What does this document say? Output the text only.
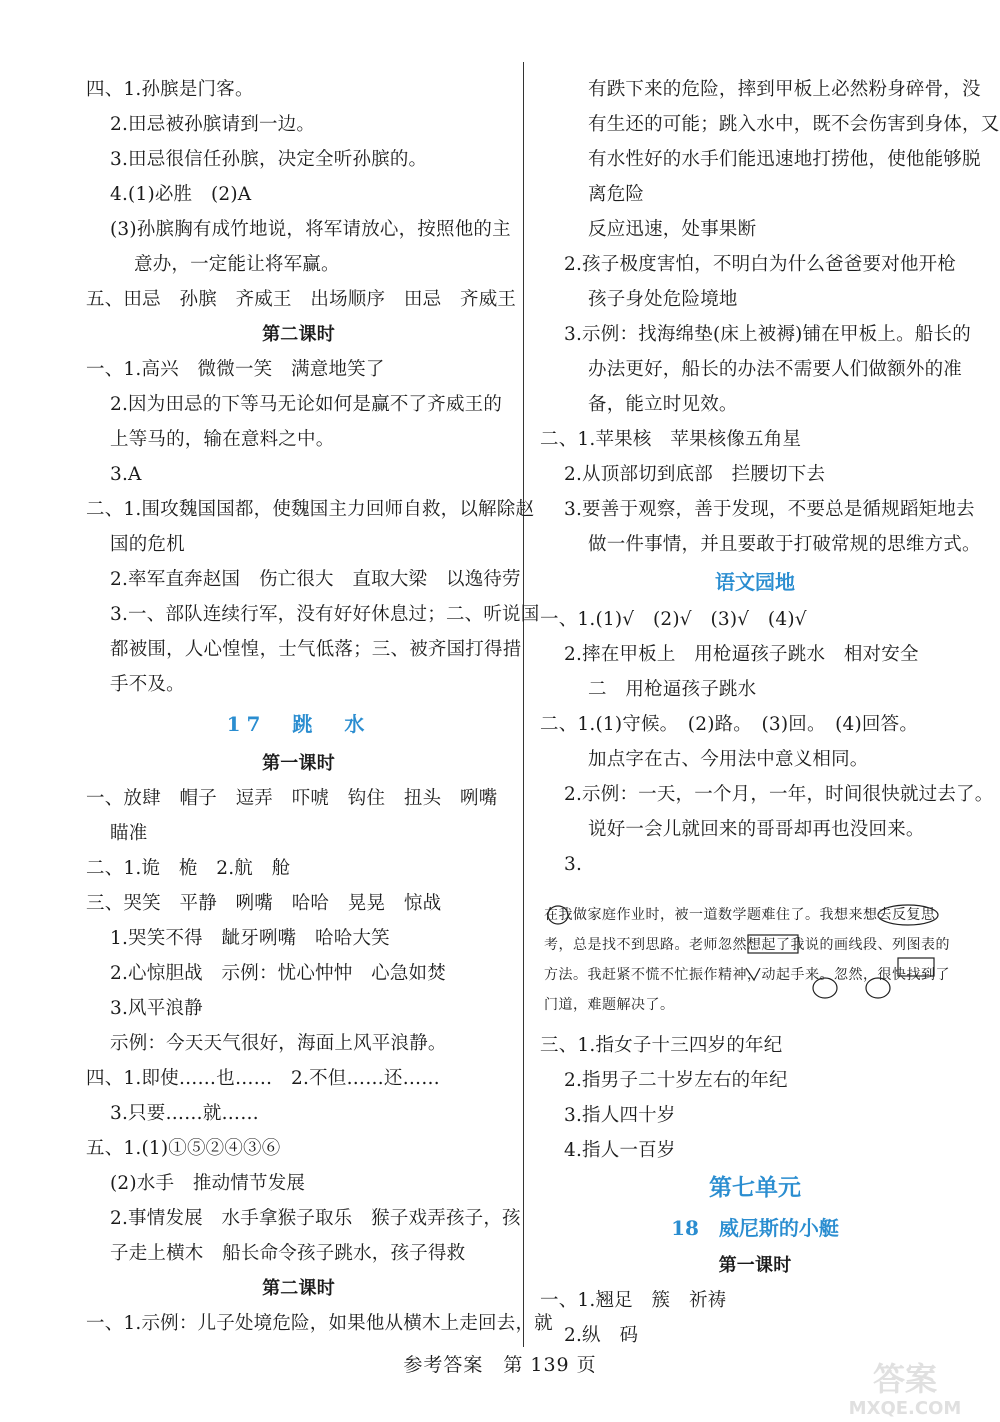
四、1.孙膑是门客。
2.田忌被孙膑请到一边。
3.田忌很信任孙膑，决定全听孙膑的。
4.(1)必胜　(2)A
(3)孙膑胸有成竹地说，将军请放心，按照他的主
意办，一定能让将军赢。
五、田忌　孙膑　齐威王　出场顺序　田忌　齐威王
第二课时
一、1.高兴　微微一笑　满意地笑了
2.因为田忌的下等马无论如何是赢不了齐威王的
上等马的，输在意料之中。
3.A
二、1.围攻魏国国都，使魏国主力回师自救，以解除赵
国的危机
2.率军直奔赵国　伤亡很大　直取大梁　以逸待劳
3.一、部队连续行军，没有好好休息过；二、听说国
都被围，人心惶惶，士气低落；三、被齐国打得措
手不及。
17　跳　水
第一课时
一、放肆　帽子　逗弄　吓唬　钩住　扭头　咧嘴
瞄准
二、1.诡　桅　2.航　舱
三、哭笑　平静　咧嘴　哈哈　晃晃　惊战
1.哭笑不得　龇牙咧嘴　哈哈大笑
2.心惊胆战　示例：忧心忡忡　心急如焚
3.风平浪静
示例：今天天气很好，海面上风平浪静。
四、1.即使……也……　2.不但……还……
3.只要……就……
五、1.(1)①⑤②④③⑥
(2)水手　推动情节发展
2.事情发展　水手拿猴子取乐　猴子戏弄孩子，孩
子走上横木　船长命令孩子跳水，孩子得救
第二课时
一、1.示例：儿子处境危险，如果他从横木上走回去，就
有跌下来的危险，摔到甲板上必然粉身碎骨，没
有生还的可能；跳入水中，既不会伤害到身体，又
有水性好的水手们能迅速地打捞他，使他能够脱
离危险
反应迅速，处事果断
2.孩子极度害怕，不明白为什么爸爸要对他开枪
孩子身处危险境地
3.示例：找海绵垫(床上被褥)铺在甲板上。船长的
办法更好，船长的办法不需要人们做额外的准
备，能立时见效。
二、1.苹果核　苹果核像五角星
2.从顶部切到底部　拦腰切下去
3.要善于观察，善于发现，不要总是循规蹈矩地去
做一件事情，并且要敢于打破常规的思维方式。
语文园地
一、1.(1)√　(2)√　(3)√　(4)√
2.摔在甲板上　用枪逼孩子跳水　相对安全
二　用枪逼孩子跳水
二、1.(1)守候。　(2)路。　(3)回。　(4)回答。
加点字在古、今用法中意义相同。
2.示例：一天，一个月，一年，时间很快就过去了。
说好一会儿就回来的哥哥却再也没回来。
3.
在我做家庭作业时，被一道数学题难住了。我想来想去反复思考，总是找不到思路。老师忽然想起了我说的画线段、列图表的方法。我赶紧不慌不忙振作精神，动起手来。忽然，很快找到了门道，难题解决了。
三、1.指女子十三四岁的年纪
2.指男子二十岁左右的年纪
3.指人四十岁
4.指人一百岁
第七单元
18　威尼斯的小艇
第一课时
一、1.翘足　簇　祈祷
2.纵　码
参考答案　第 139 页	答案
MXQE.COM
